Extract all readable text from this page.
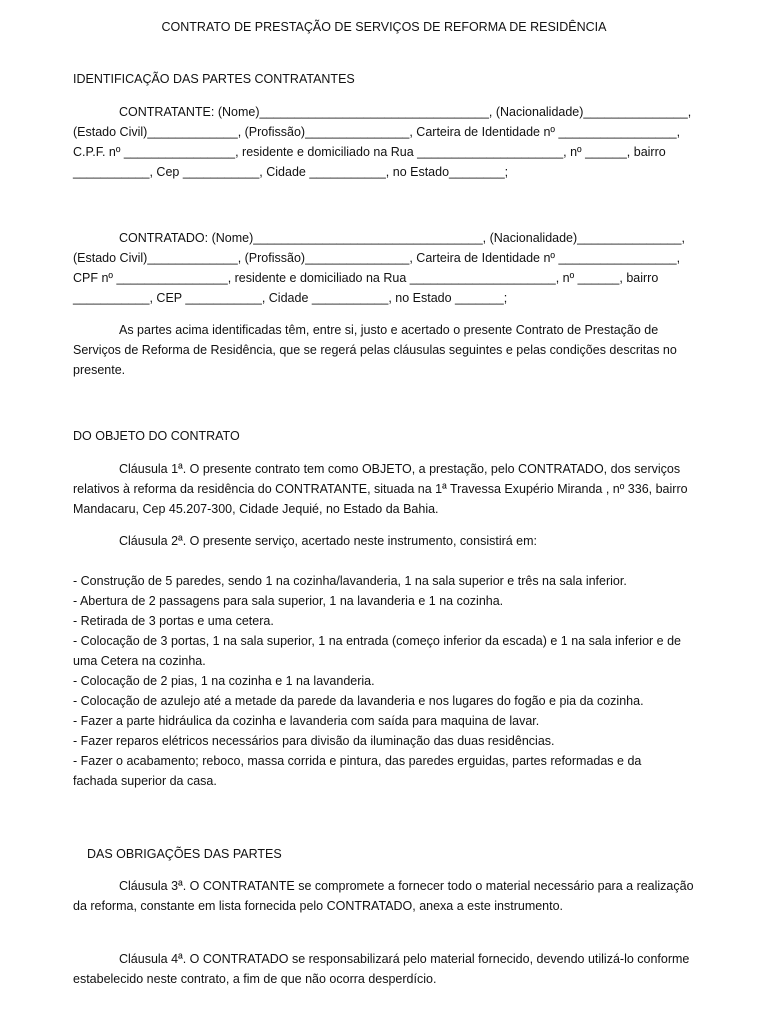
CONTRATO DE PRESTAÇÃO DE SERVIÇOS DE REFORMA DE RESIDÊNCIA
IDENTIFICAÇÃO DAS PARTES CONTRATANTES
CONTRATANTE: (Nome)_________________________________, (Nacionalidade)_______________,
(Estado Civil)_____________, (Profissão)_______________, Carteira de Identidade nº _________________,
C.P.F. nº ________________, residente e domiciliado na Rua _____________________, nº ______, bairro
___________, Cep ___________, Cidade ___________, no Estado________;
CONTRATADO: (Nome)_________________________________, (Nacionalidade)_______________,
(Estado Civil)_____________, (Profissão)_______________, Carteira de Identidade nº _________________,
CPF nº ________________, residente e domiciliado na Rua _____________________, nº ______, bairro
___________, CEP ___________, Cidade ___________, no Estado _______;
As partes acima identificadas têm, entre si, justo e acertado o presente Contrato de Prestação de Serviços de Reforma de Residência, que se regerá pelas cláusulas seguintes e pelas condições descritas no presente.
DO OBJETO DO CONTRATO
Cláusula 1ª. O presente contrato tem como OBJETO, a prestação, pelo CONTRATADO, dos serviços relativos à reforma da residência do CONTRATANTE, situada na 1ª Travessa Exupério Miranda , nº 336, bairro Mandacaru, Cep 45.207-300, Cidade Jequié, no Estado da Bahia.
Cláusula 2ª. O presente serviço, acertado neste instrumento, consistirá em:
- Construção de 5 paredes, sendo 1 na cozinha/lavanderia, 1 na sala superior e três na sala inferior.
- Abertura de 2 passagens para sala superior, 1 na lavanderia e 1 na cozinha.
- Retirada de 3 portas e uma cetera.
- Colocação de 3 portas, 1 na sala superior, 1 na entrada (começo inferior da escada) e 1 na sala inferior e de
uma Cetera na cozinha.
- Colocação de 2 pias, 1 na cozinha e 1 na lavanderia.
- Colocação de azulejo até a metade da parede da lavanderia e nos lugares do fogão e pia da cozinha.
- Fazer a parte hidráulica da cozinha e lavanderia com saída para maquina de lavar.
- Fazer reparos elétricos necessários para divisão da iluminação das duas residências.
- Fazer o acabamento; reboco, massa corrida e pintura, das paredes erguidas, partes reformadas e da
fachada superior da casa.
DAS OBRIGAÇÕES DAS PARTES
Cláusula 3ª. O CONTRATANTE se compromete a fornecer todo o material necessário para a realização da reforma, constante em lista fornecida pelo CONTRATADO, anexa a este instrumento.
Cláusula 4ª. O CONTRATADO se responsabilizará pelo material fornecido, devendo utilizá-lo conforme estabelecido neste contrato, a fim de que não ocorra desperdício.
